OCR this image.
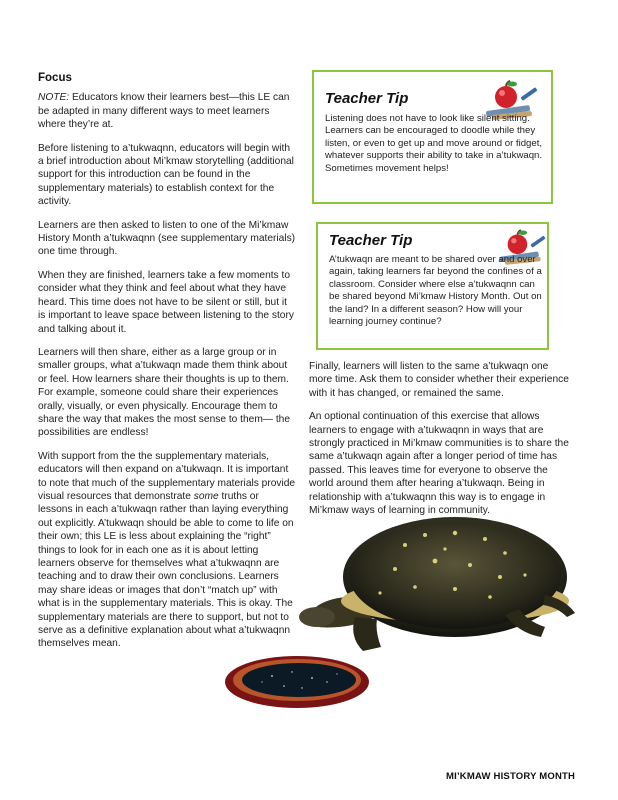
Focus

NOTE: Educators know their learners best—this LE can be adapted in many different ways to meet learners where they’re at.

Before listening to a’tukwaqnn, educators will begin with a brief introduction about Mi’kmaw storytelling (additional support for this introduction can be found in the supplementary materials) to establish context for the activity.

Learners are then asked to listen to one of the Mi’kmaw History Month a’tukwaqnn (see supplementary materials) one time through.

When they are finished, learners take a few moments to consider what they think and feel about what they have heard. This time does not have to be silent or still, but it is important to leave space between listening to the story and talking about it.

Learners will then share, either as a large group or in smaller groups, what a’tukwaqn made them think about or feel. How learners share their thoughts is up to them. For example, someone could share their experiences orally, visually, or even physically. Encourage them to share the way that makes the most sense to them— the possibilities are endless!

With support from the the supplementary materials, educators will then expand on a’tukwaqn. It is important to note that much of the supplementary materials provide visual resources that demonstrate some truths or lessons in each a’tukwaqn rather than laying everything out explicitly. A’tukwaqn should be able to come to life on their own; this LE is less about explaining the “right” things to look for in each one as it is about letting learners observe for themselves what a’tukwaqnn are teaching and to draw their own conclusions. Learners may share ideas or images that don’t “match up” with what is in the supplementary materials. This is okay. The supplementary materials are there to support, but not to serve as a definitive explanation about what a’tukwaqnn themselves mean.

Teacher Tip
Listening does not have to look like silent sitting. Learners can be encouraged to doodle while they listen, or even to get up and move around or fidget, whatever supports their ability to take in a’tukwaqn. Sometimes movement helps!
Teacher Tip
A’tukwaqn are meant to be shared over and over again, taking learners far beyond the confines of a classroom. Consider where else a’tukwaqnn can be shared beyond Mi’kmaw History Month. Out on the land? In a different season? How will your learning journey continue?

Finally, learners will listen to the same a’tukwaqn one more time. Ask them to consider whether their experience with it has changed, or remained the same.

An optional continuation of this exercise that allows learners to engage with a’tukwaqnn in ways that are strongly practiced in Mi’kmaw communities is to share the same a’tukwaqn again after a longer period of time has passed. This leaves time for everyone to observe the world around them after hearing a’tukwaqn. Being in relationship with a’tukwaqnn this way is to engage in Mi’kmaw ways of learning in community.

MI’KMAW HISTORY MONTH
